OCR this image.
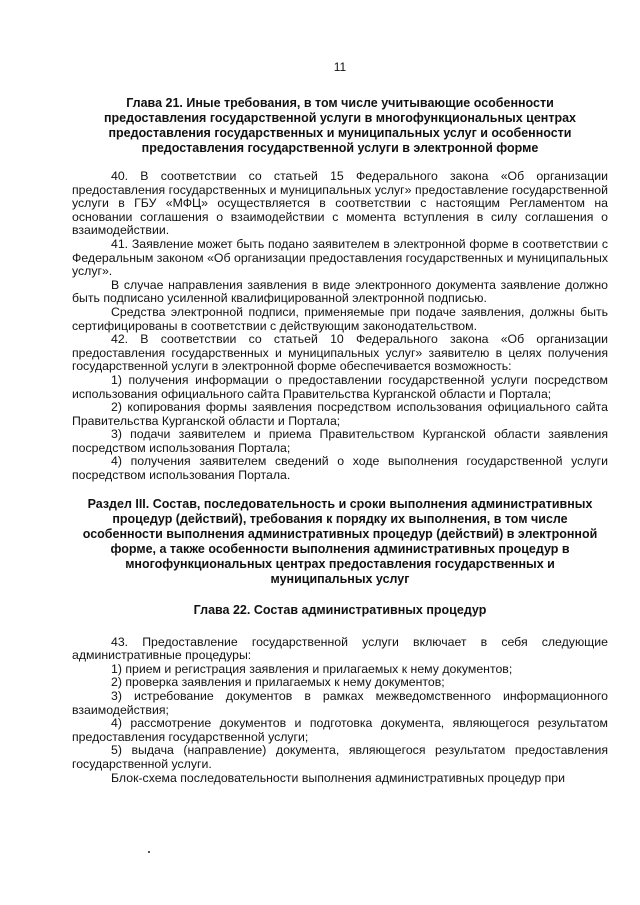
11
Глава 21. Иные требования, в том числе учитывающие особенности предоставления государственной услуги в многофункциональных центрах предоставления государственных и муниципальных услуг и особенности предоставления государственной услуги в электронной форме

40. В соответствии со статьей 15 Федерального закона «Об организации предоставления государственных и муниципальных услуг» предоставление государственной услуги в ГБУ «МФЦ» осуществляется в соответствии с настоящим Регламентом на основании соглашения о взаимодействии с момента вступления в силу соглашения о взаимодействии.

41. Заявление может быть подано заявителем в электронной форме в соответствии с Федеральным законом «Об организации предоставления государственных и муниципальных услуг».

В случае направления заявления в виде электронного документа заявление должно быть подписано усиленной квалифицированной электронной подписью.

Средства электронной подписи, применяемые при подаче заявления, должны быть сертифицированы в соответствии с действующим законодательством.

42. В соответствии со статьей 10 Федерального закона «Об организации предоставления государственных и муниципальных услуг» заявителю в целях получения государственной услуги в электронной форме обеспечивается возможность:

1) получения информации о предоставлении государственной услуги посредством использования официального сайта Правительства Курганской области и Портала;

2) копирования формы заявления посредством использования официального сайта Правительства Курганской области и Портала;

3) подачи заявителем и приема Правительством Курганской области заявления посредством использования Портала;

4) получения заявителем сведений о ходе выполнения государственной услуги посредством использования Портала.

Раздел III. Состав, последовательность и сроки выполнения административных процедур (действий), требования к порядку их выполнения, в том числе особенности выполнения административных процедур (действий) в электронной форме, а также особенности выполнения административных процедур в многофункциональных центрах предоставления государственных и муниципальных услуг
Глава 22. Состав административных процедур

43. Предоставление государственной услуги включает в себя следующие административные процедуры:

1) прием и регистрация заявления и прилагаемых к нему документов;

2) проверка заявления и прилагаемых к нему документов;

3) истребование документов в рамках межведомственного информационного взаимодействия;

4) рассмотрение документов и подготовка документа, являющегося результатом предоставления государственной услуги;

5) выдача (направление) документа, являющегося результатом предоставления государственной услуги.

Блок-схема последовательности выполнения административных процедур при
